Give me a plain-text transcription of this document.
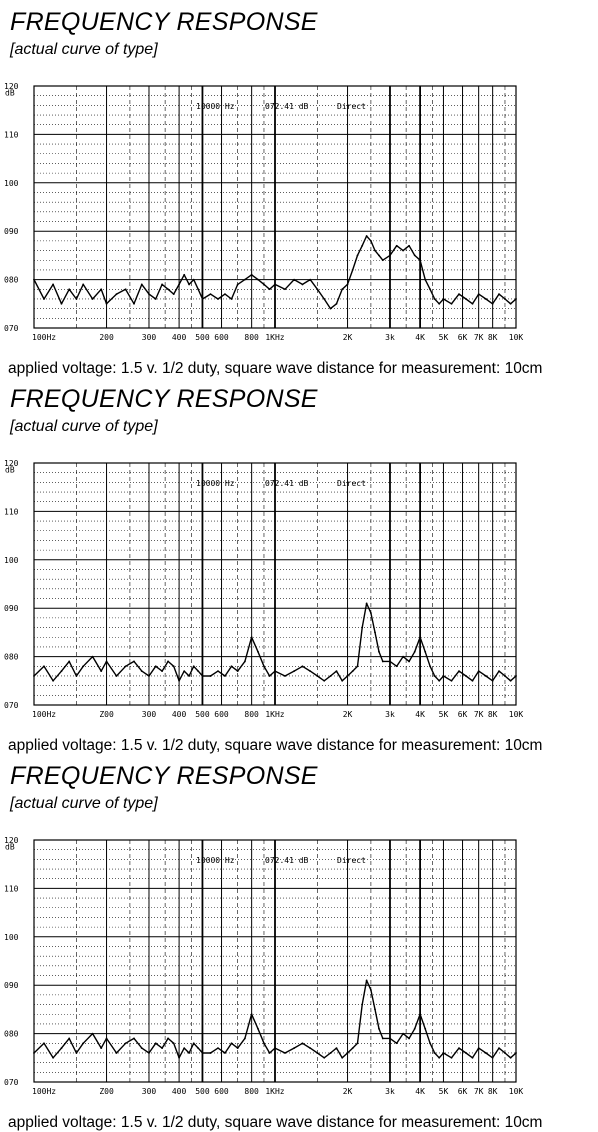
FREQUENCY RESPONSE
[actual curve of type]
070
080
090
100
110
120
dB
100Hz	200	300 400 500 600 800 1KHz	2K	3k	4K 5K 6K 7K 8K 10K
10000 Hz	072.41 dB	Direct
applied voltage: 1.5 v. 1/2 duty, square wave distance for measurement: 10cm
FREQUENCY RESPONSE
[actual curve of type]
070
080
090
100
110
120
dB
100Hz	Z00	300 400 500 600 800 1KHz	2K	3k	4K 5K 6K 7K 8K 10K
10000 Hz	072.41 dB	Direct
applied voltage: 1.5 v. 1/2 duty, square wave distance for measurement: 10cm
FREQUENCY RESPONSE
[actual curve of type]
070
080
090
100
110
120
dB
100Hz	Z00	300 400 500 600 800 1KHz	2K	3k	4K 5K 6K 7K 8K 10K
10000 Hz	072.41 dB	Direct
applied voltage: 1.5 v. 1/2 duty, square wave distance for measurement: 10cm
